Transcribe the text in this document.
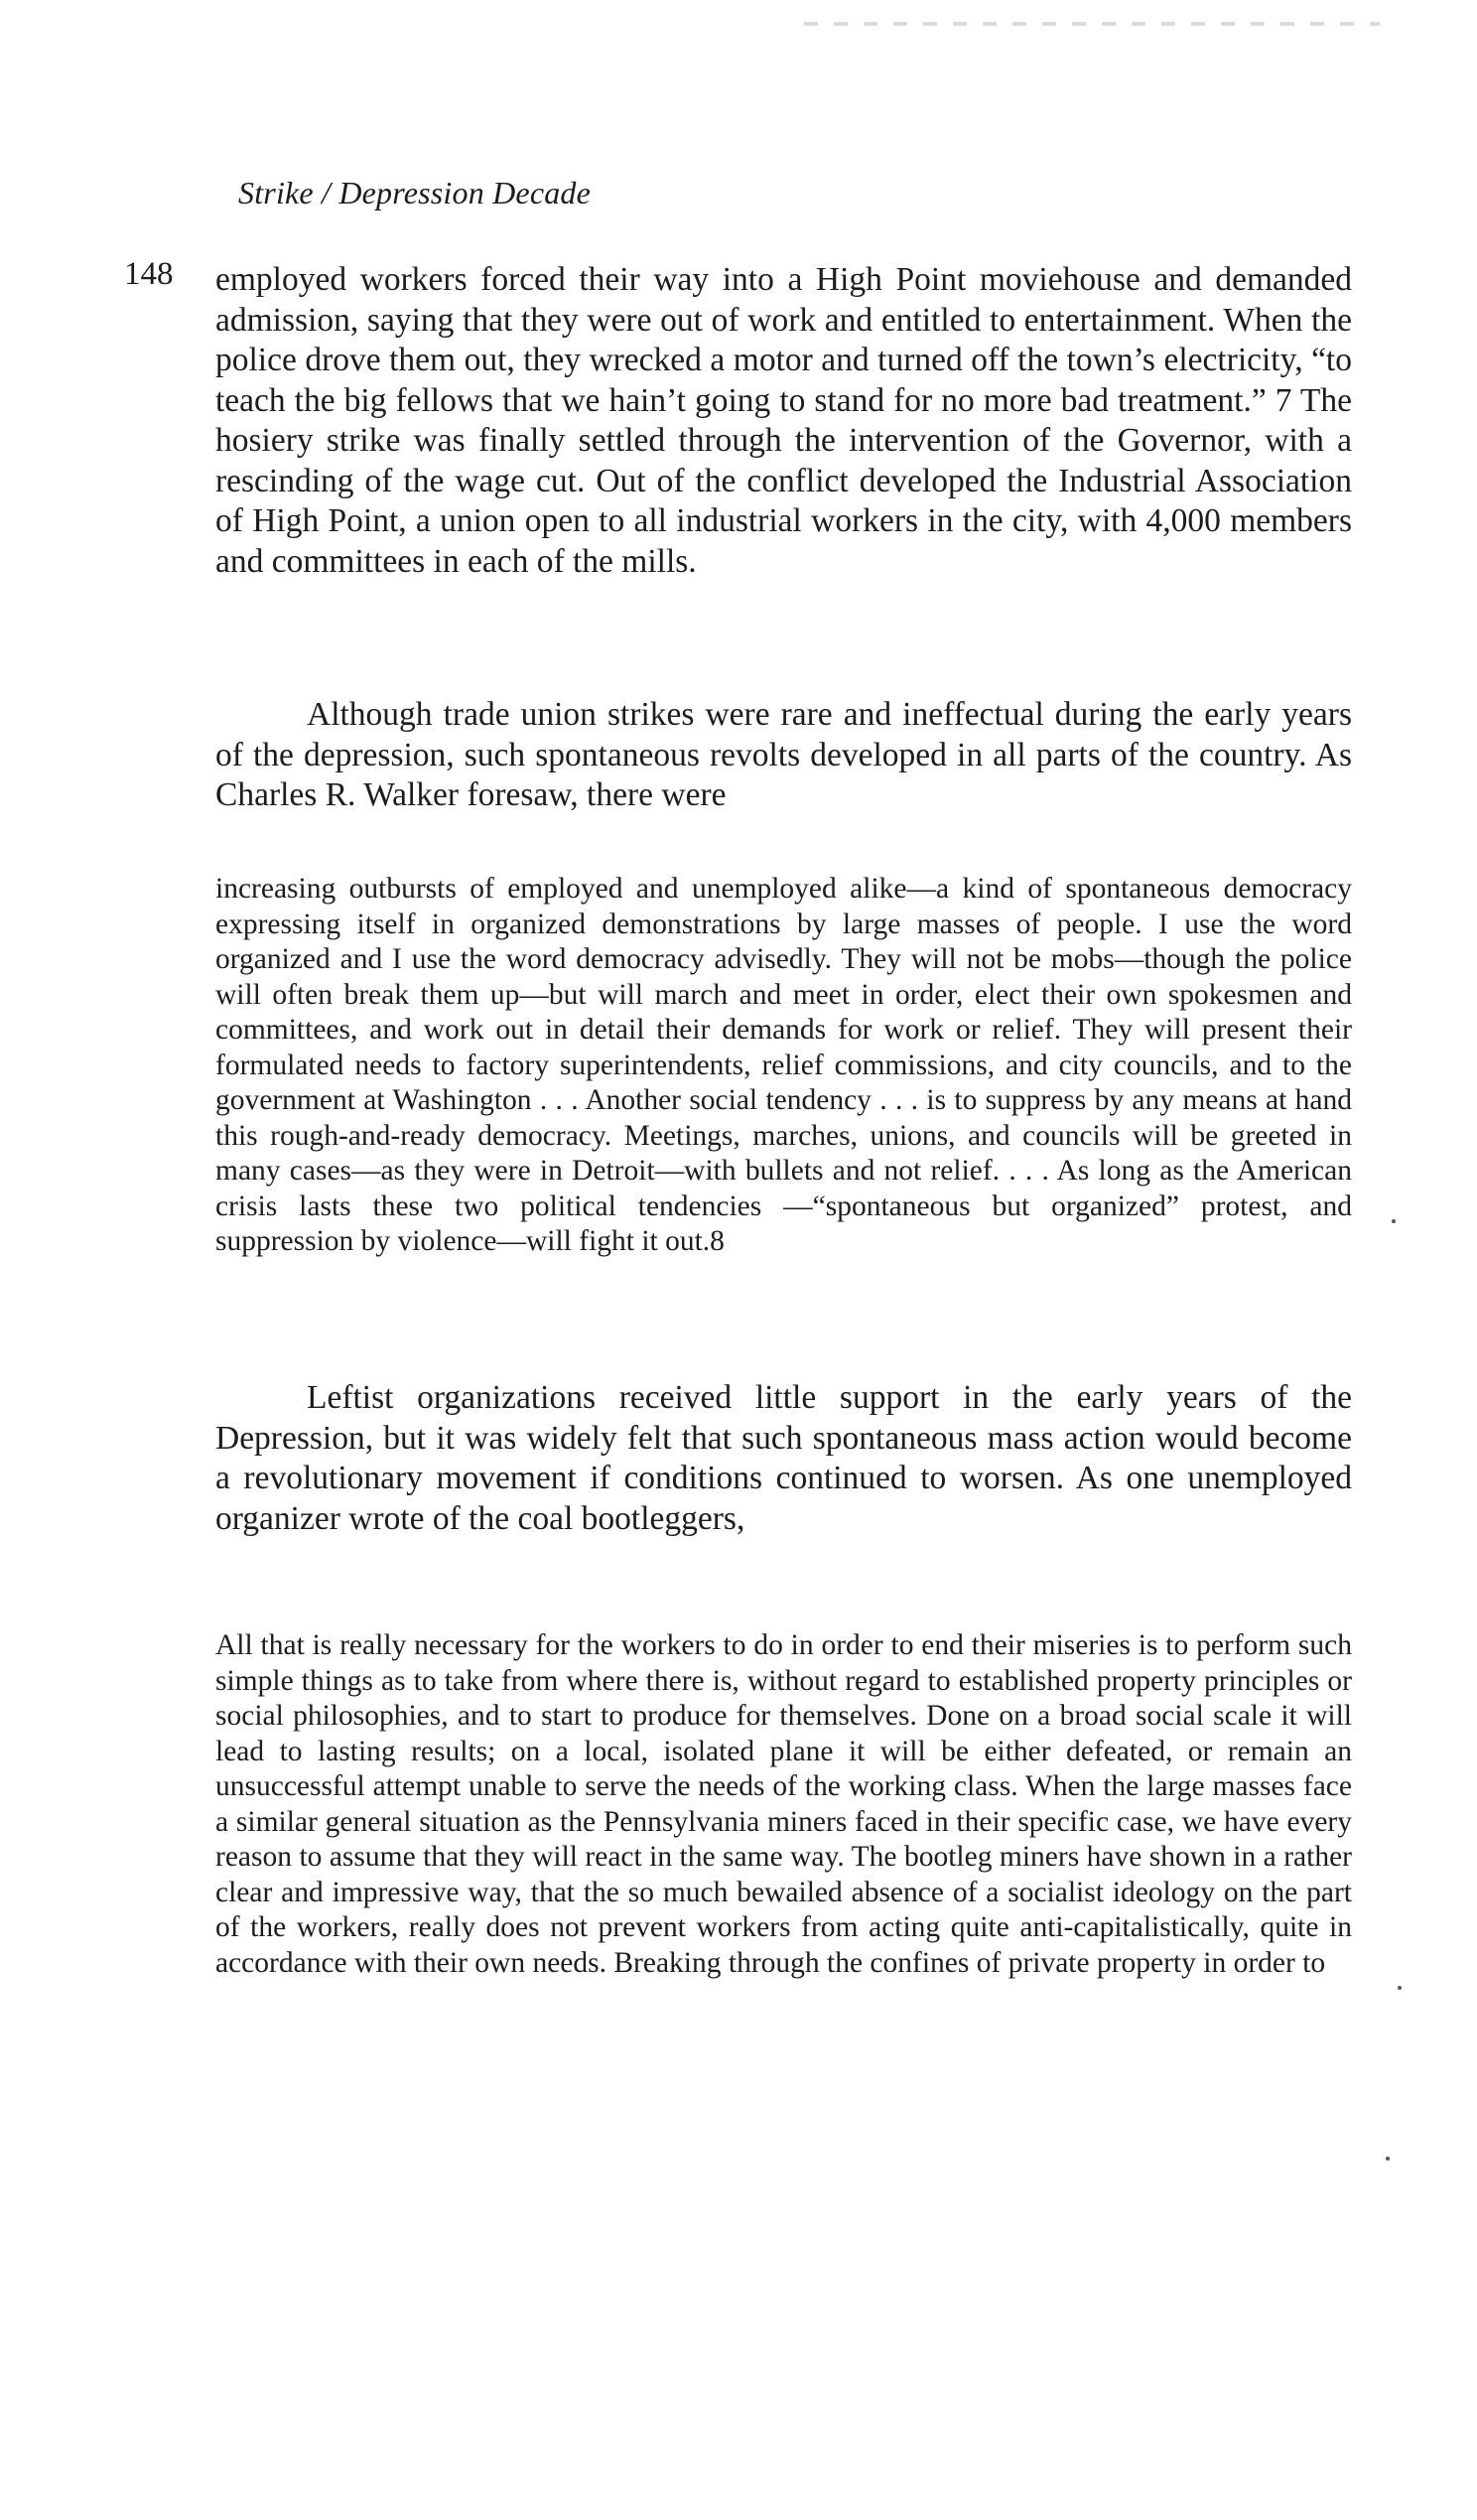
Strike / Depression Decade
148 employed workers forced their way into a High Point moviehouse and demanded admission, saying that they were out of work and entitled to entertainment. When the police drove them out, they wrecked a motor and turned off the town’s electricity, “to teach the big fellows that we hain’t going to stand for no more bad treatment.” 7 The hosiery strike was finally settled through the intervention of the Governor, with a rescinding of the wage cut. Out of the conflict developed the Industrial Association of High Point, a union open to all industrial workers in the city, with 4,000 members and committees in each of the mills.

Although trade union strikes were rare and ineffectual during the early years of the depression, such spontaneous revolts developed in all parts of the country. As Charles R. Walker foresaw, there were

increasing outbursts of employed and unemployed alike—a kind of spontaneous democracy expressing itself in organized demonstrations by large masses of people. I use the word organized and I use the word democracy advisedly. They will not be mobs—though the police will often break them up—but will march and meet in order, elect their own spokesmen and committees, and work out in detail their demands for work or relief. They will present their formulated needs to factory superintendents, relief commissions, and city councils, and to the government at Washington . . . Another social tendency . . . is to suppress by any means at hand this rough-and-ready democracy. Meetings, marches, unions, and councils will be greeted in many cases—as they were in Detroit—with bullets and not relief. . . . As long as the American crisis lasts these two political tendencies —“spontaneous but organized” protest, and suppression by violence—will fight it out.8

Leftist organizations received little support in the early years of the Depression, but it was widely felt that such spontaneous mass action would become a revolutionary movement if conditions continued to worsen. As one unemployed organizer wrote of the coal bootleggers,

All that is really necessary for the workers to do in order to end their miseries is to perform such simple things as to take from where there is, without regard to established property principles or social philosophies, and to start to produce for themselves. Done on a broad social scale it will lead to lasting results; on a local, isolated plane it will be either defeated, or remain an unsuccessful attempt unable to serve the needs of the working class. When the large masses face a similar general situation as the Pennsylvania miners faced in their specific case, we have every reason to assume that they will react in the same way. The bootleg miners have shown in a rather clear and impressive way, that the so much bewailed absence of a socialist ideology on the part of the workers, really does not prevent workers from acting quite anti-capitalistically, quite in accordance with their own needs. Breaking through the confines of private property in order to
